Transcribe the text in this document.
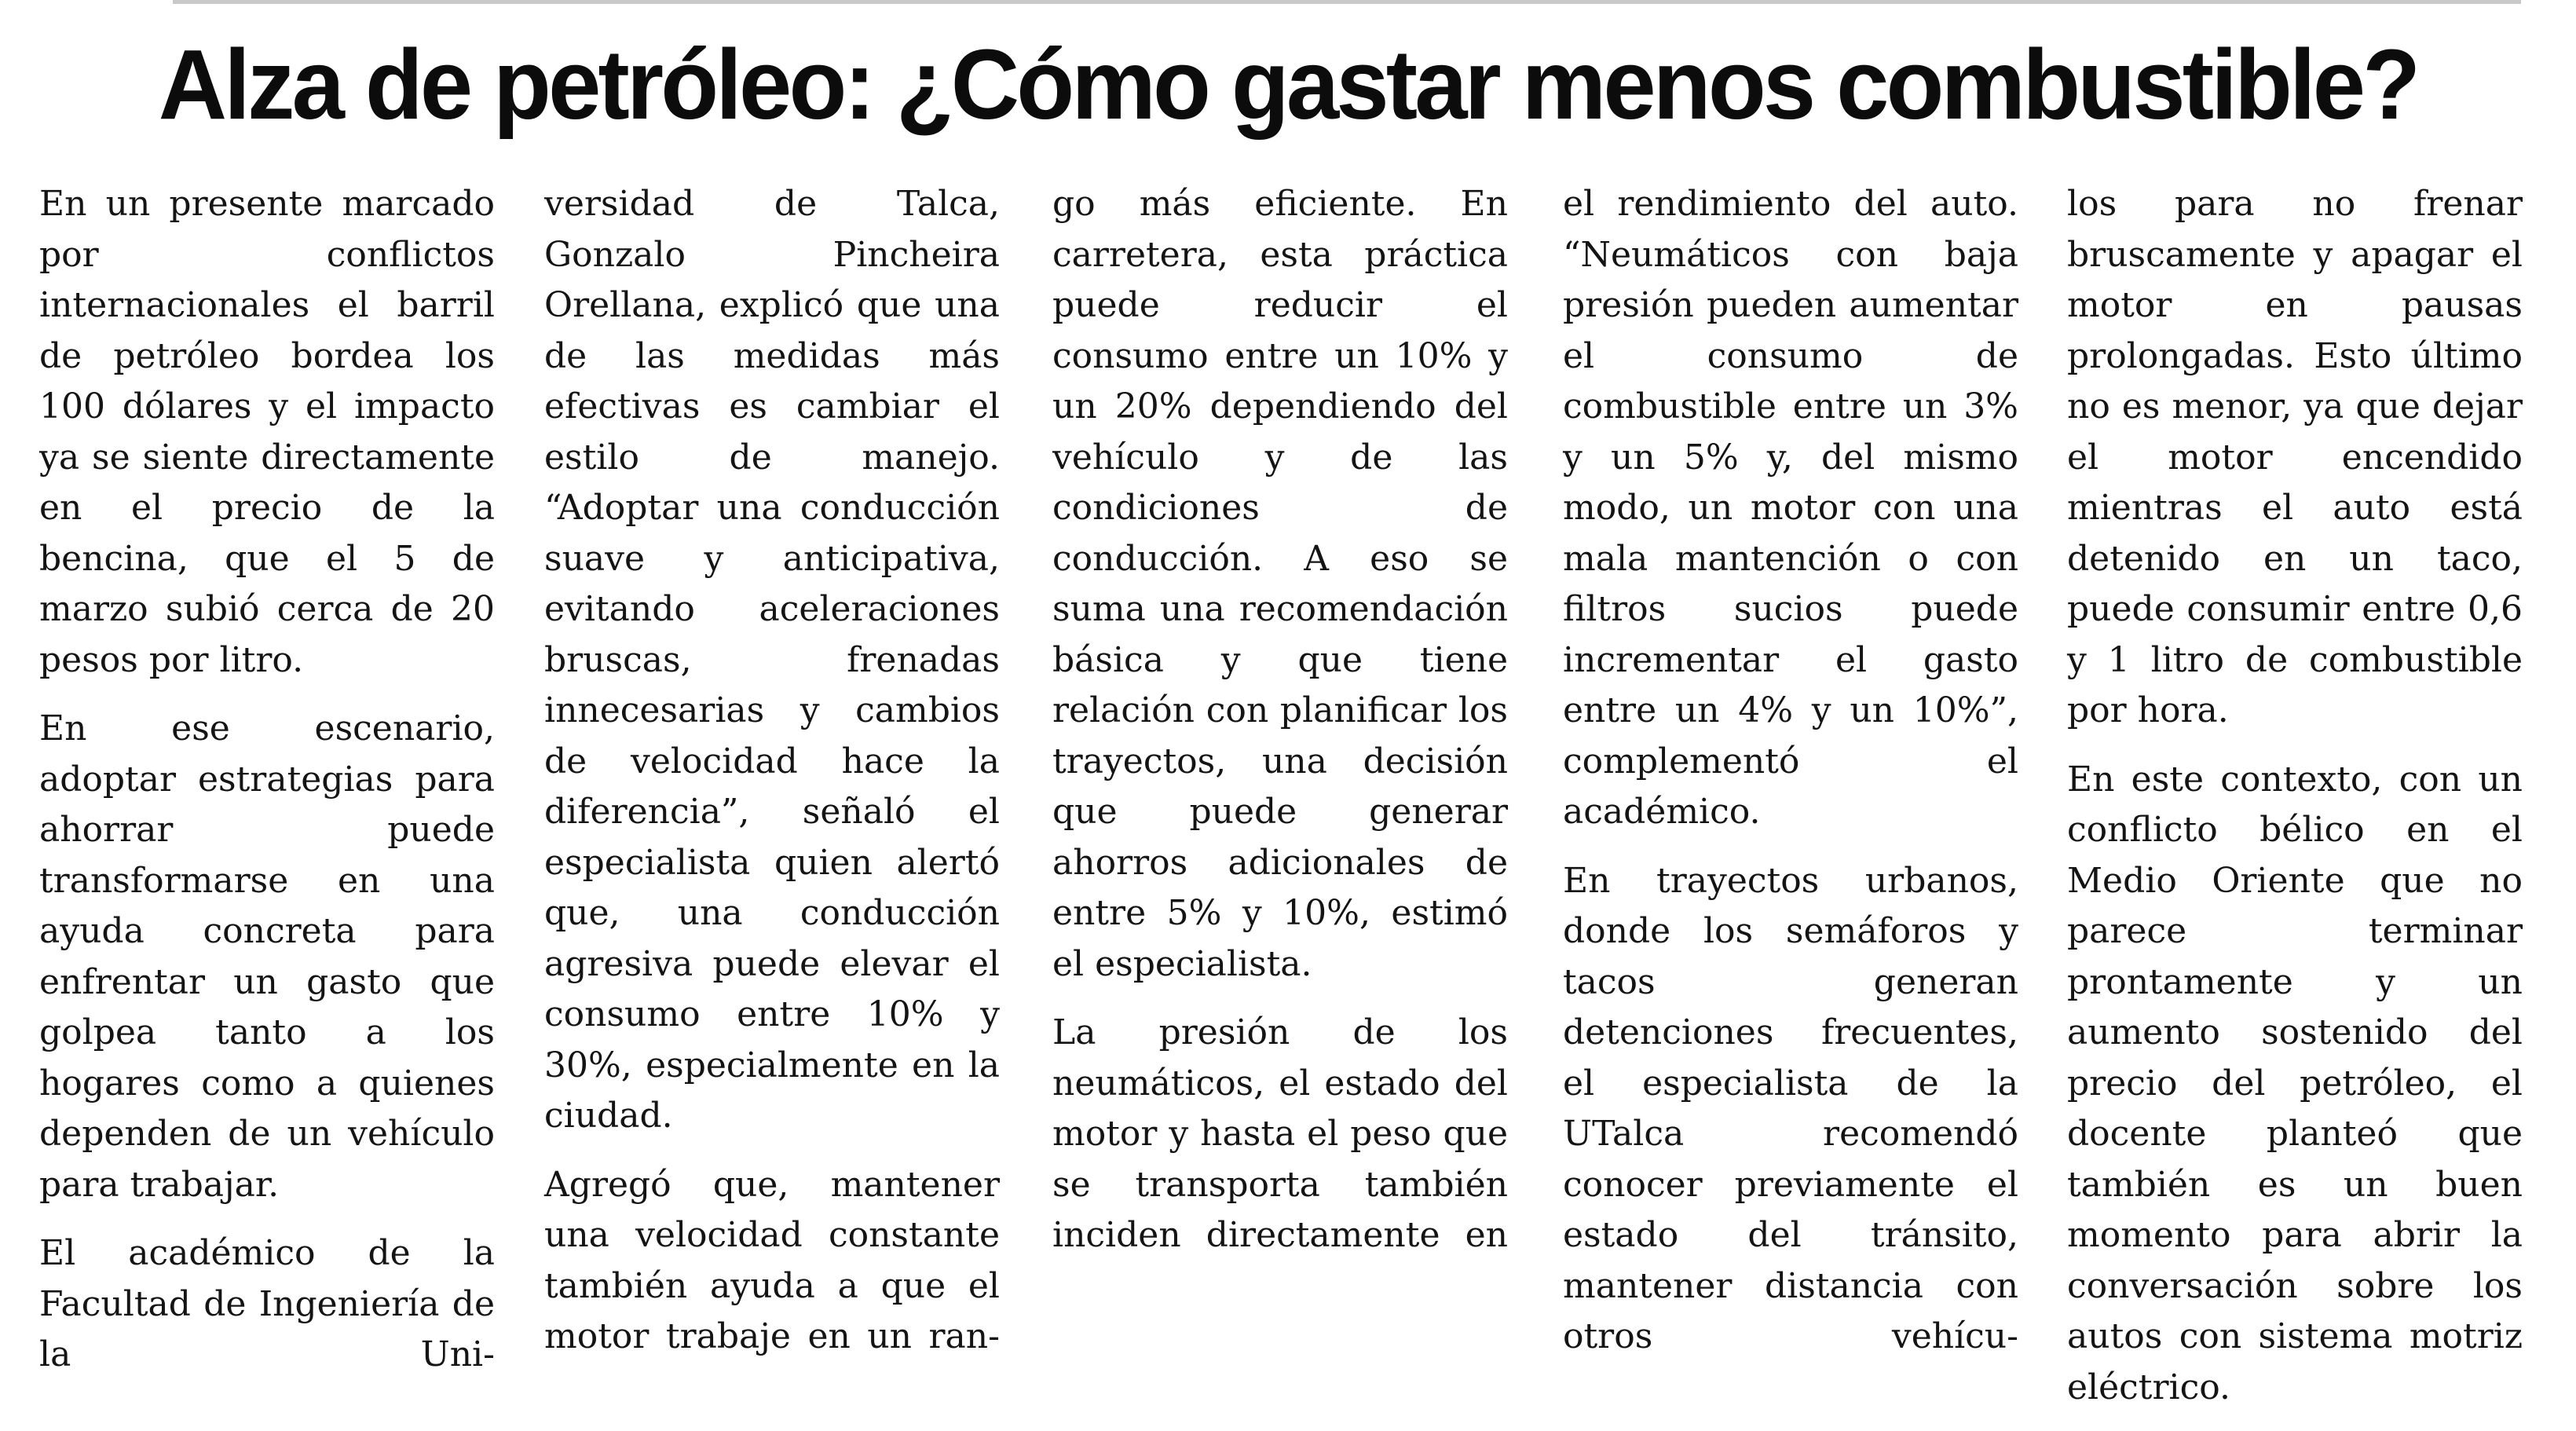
Alza de petróleo: ¿Cómo gastar menos combustible?

En un presente marcado por conflictos internacionales el barril de petróleo bordea los 100 dólares y el impacto ya se siente directamente en el precio de la bencina, que el 5 de marzo subió cerca de 20 pesos por litro.

En ese escenario, adoptar estrategias para ahorrar puede transformarse en una ayuda concreta para enfrentar un gasto que golpea tanto a los hogares como a quienes dependen de un vehículo para trabajar.

El académico de la Facultad de Ingeniería de la Uni-

versidad de Talca, Gonzalo Pincheira Orellana, explicó que una de las medidas más efectivas es cambiar el estilo de manejo. “Adoptar una conducción suave y anticipativa, evitando aceleraciones bruscas, frenadas innecesarias y cambios de velocidad hace la diferencia”, señaló el especialista quien alertó que, una conducción agresiva puede elevar el consumo entre 10% y 30%, especialmente en la ciudad.

Agregó que, mantener una velocidad constante también ayuda a que el motor trabaje en un ran-

go más eficiente. En carretera, esta práctica puede reducir el consumo entre un 10% y un 20% dependiendo del vehículo y de las condiciones de conducción. A eso se suma una recomendación básica y que tiene relación con planificar los trayectos, una decisión que puede generar ahorros adicionales de entre 5% y 10%, estimó el especialista.

La presión de los neumáticos, el estado del motor y hasta el peso que se transporta también inciden directamente en

el rendimiento del auto. “Neumáticos con baja presión pueden aumentar el consumo de combustible entre un 3% y un 5% y, del mismo modo, un motor con una mala mantención o con filtros sucios puede incrementar el gasto entre un 4% y un 10%”, complementó el académico.

En trayectos urbanos, donde los semáforos y tacos generan detenciones frecuentes, el especialista de la UTalca recomendó conocer previamente el estado del tránsito, mantener distancia con otros vehícu-

los para no frenar bruscamente y apagar el motor en pausas prolongadas. Esto último no es menor, ya que dejar el motor encendido mientras el auto está detenido en un taco, puede consumir entre 0,6 y 1 litro de combustible por hora.

En este contexto, con un conflicto bélico en el Medio Oriente que no parece terminar prontamente y un aumento sostenido del precio del petróleo, el docente planteó que también es un buen momento para abrir la conversación sobre los autos con sistema motriz eléctrico.
